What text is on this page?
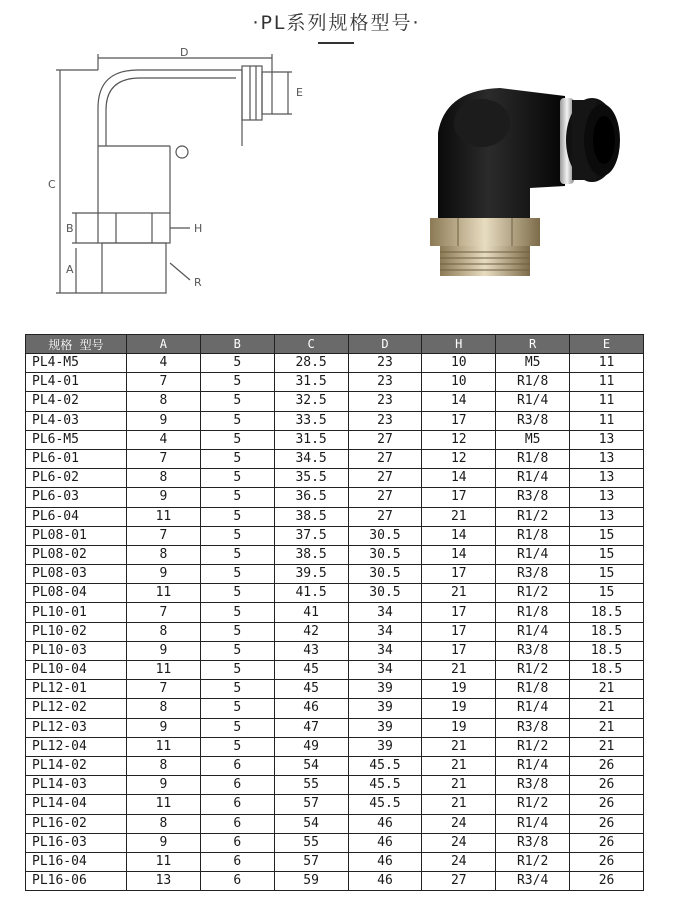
·PL系列规格型号·
D
E
C
B	H
A
R
规格 型号	A	B	C	D	H	R	E
PL4-M5	4	5	28.5	23	10	M5	11
PL4-01	7	5	31.5	23	10	R1/8	11
PL4-02	8	5	32.5	23	14	R1/4	11
PL4-03	9	5	33.5	23	17	R3/8	11
PL6-M5	4	5	31.5	27	12	M5	13
PL6-01	7	5	34.5	27	12	R1/8	13
PL6-02	8	5	35.5	27	14	R1/4	13
PL6-03	9	5	36.5	27	17	R3/8	13
PL6-04	11	5	38.5	27	21	R1/2	13
PL08-01	7	5	37.5	30.5	14	R1/8	15
PL08-02	8	5	38.5	30.5	14	R1/4	15
PL08-03	9	5	39.5	30.5	17	R3/8	15
PL08-04	11	5	41.5	30.5	21	R1/2	15
PL10-01	7	5	41	34	17	R1/8	18.5
PL10-02	8	5	42	34	17	R1/4	18.5
PL10-03	9	5	43	34	17	R3/8	18.5
PL10-04	11	5	45	34	21	R1/2	18.5
PL12-01	7	5	45	39	19	R1/8	21
PL12-02	8	5	46	39	19	R1/4	21
PL12-03	9	5	47	39	19	R3/8	21
PL12-04	11	5	49	39	21	R1/2	21
PL14-02	8	6	54	45.5	21	R1/4	26
PL14-03	9	6	55	45.5	21	R3/8	26
PL14-04	11	6	57	45.5	21	R1/2	26
PL16-02	8	6	54	46	24	R1/4	26
PL16-03	9	6	55	46	24	R3/8	26
PL16-04	11	6	57	46	24	R1/2	26
PL16-06	13	6	59	46	27	R3/4	26
